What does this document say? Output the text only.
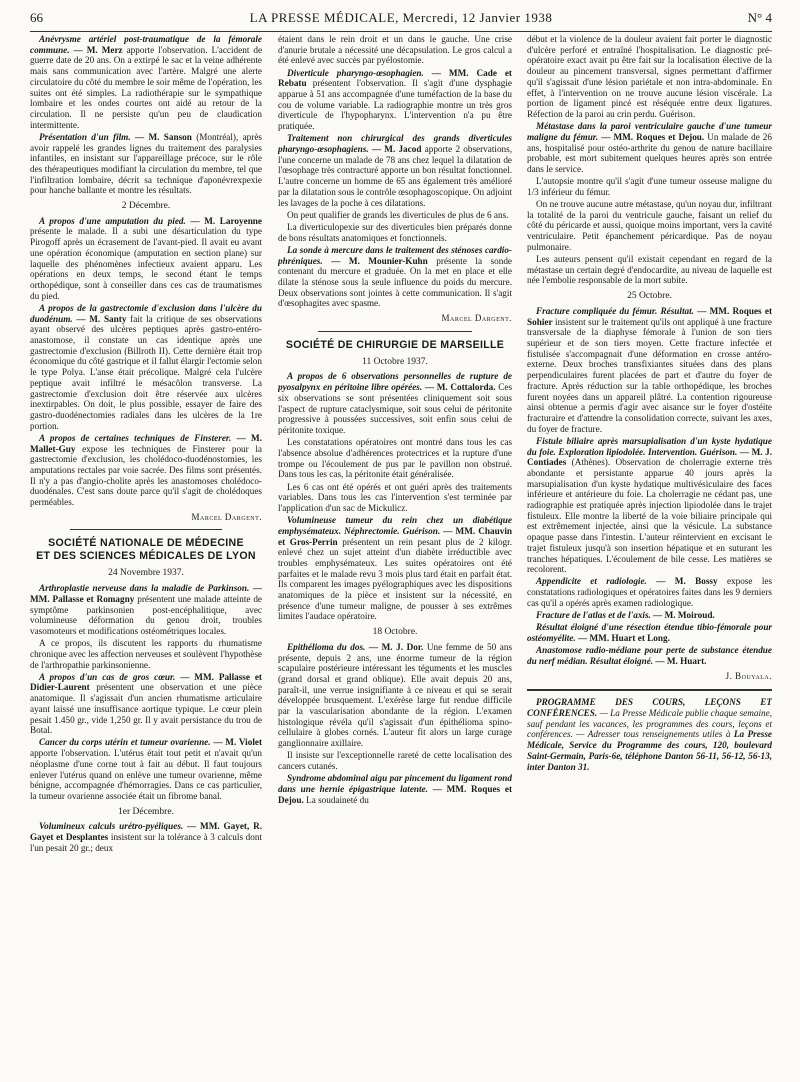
66	LA PRESSE MÉDICALE, Mercredi, 12 Janvier 1938	N° 4

Anévrysme artériel post-traumatique de la fémorale commune. — M. Merz apporte l'observation. L'accident de guerre date de 20 ans. On a extirpé le sac et la veine adhérente mais sans communication avec l'artère. Malgré une alerte circulatoire du côté du membre le soir même de l'opération, les suites ont été simples. La radiothérapie sur le sympathique lombaire et les ondes courtes ont aidé au retour de la circulation. Il ne persiste qu'un peu de claudication intermittente.

Présentation d'un film. — M. Sanson (Montréal), après avoir rappelé les grandes lignes du traitement des paralysies infantiles, en insistant sur l'appareillage précoce, sur le rôle des thérapeutiques modifiant la circulation du membre, tel que l'infiltration lombaire, décrit sa technique d'aponévrexpexie pour hanche ballante et montre les résultats.

2 Décembre.

A propos d'une amputation du pied. — M. Laroyenne présente le malade. Il a subi une désarticulation du type Pirogoff après un écrasement de l'avant-pied. Il avait eu avant une opération économique (amputation en section plane) sur laquelle des phénomènes infectieux avaient apparu. Les opérations en deux temps, le second étant le temps orthopédique, sont à conseiller dans ces cas de traumatismes du pied.

A propos de la gastrectomie d'exclusion dans l'ulcère du duodénum. — M. Santy fait la critique de ses observations ayant observé des ulcères peptiques après gastro-entéro-anastomose, il constate un cas identique après une gastrectomie d'exclusion (Billroth II). Cette dernière était trop économique du côté gastrique et il fallut élargir l'ectomie selon le type Polya. L'anse était précolique. Malgré cela l'ulcère peptique avait infiltré le mésacôlon transverse. La gastrectomie d'exclusion doit être réservée aux ulcères inextirpables. On doit, le plus possible, essayer de faire des gastro-duodénectomies radiales dans les ulcères de la 1re portion.

A propos de certaines techniques de Finsterer. — M. Mallet-Guy expose les techniques de Finsterer pour la gastrectomie d'exclusion, les cholédoco-duodénostomies, les amputations rectales par voie sacrée. Des films sont présentés. Il n'y a pas d'angio-cholite après les anastomoses cholédoco-duodénales. C'est sans doute parce qu'il s'agit de cholédoques perméables.

Marcel Dargent.
SOCIÉTÉ NATIONALE DE MÉDECINE
ET DES SCIENCES MÉDICALES DE LYON
24 Novembre 1937.

Arthroplastie nerveuse dans la maladie de Parkinson. — MM. Pallasse et Romagny présentent une malade atteinte de symptôme parkinsonien post-encéphalitique, avec volumineuse déformation du genou droit, troubles vasomoteurs et modifications ostéométriques locales.

A ce propos, ils discutent les rapports du rhumatisme chronique avec les affection nerveuses et soulèvent l'hypothèse de l'arthropathie parkinsonienne.

A propos d'un cas de gros cœur. — MM. Pallasse et Didier-Laurent présentent une observation et une pièce anatomique. Il s'agissait d'un ancien rhumatisme articulaire ayant laissé une insuffisance aortique typique. Le cœur plein pesait 1.450 gr., vide 1,250 gr. Il y avait persistance du trou de Botal.

Cancer du corps utérin et tumeur ovarienne. — M. Violet apporte l'observation. L'utérus était tout petit et n'avait qu'un néoplasme d'une corne tout à fait au début. Il faut toujours enlever l'utérus quand on enlève une tumeur ovarienne, même bénigne, accompagnée d'hémorragies. Dans ce cas particulier, la tumeur ovarienne associée était un fibrome banal.

1er Décembre.

Volumineux calculs urétro-pyéliques. — MM. Gayet, R. Gayet et Desplantes insistent sur la tolérance à 3 calculs dont l'un pesait 20 gr.; deux

étaient dans le rein droit et un dans le gauche. Une crise d'anurie brutale a nécessité une décapsulation. Le gros calcul a été enlevé avec succès par pyélostomie.

Diverticule pharyngo-œsophagien. — MM. Cade et Rebatu présentent l'observation. Il s'agit d'une dysphagie apparue à 51 ans accompagnée d'une tuméfaction de la base du cou de volume variable. La radiographie montre un très gros diverticule de l'hypopharynx. L'intervention n'a pu être pratiquée.

Traitement non chirurgical des grands diverticules pharyngo-œsophagiens. — M. Jacod apporte 2 observations, l'une concerne un malade de 78 ans chez lequel la dilatation de l'œsophage très contracturé apporte un bon résultat fonctionnel. L'autre concerne un homme de 65 ans également très amélioré par la dilatation sous le contrôle œsophagoscopique. On adjoint les lavages de la poche à ces dilatations.

On peut qualifier de grands les diverticules de plus de 6 ans.

La diverticulopexie sur des diverticules bien préparés donne de bons résultats anatomiques et fonctionnels.

La sonde à mercure dans le traitement des sténoses cardio-phréniques. — M. Mounier-Kuhn présente la sonde contenant du mercure et graduée. On la met en place et elle dilate la sténose sous la seule influence du poids du mercure. Deux observations sont jointes à cette communication. Il s'agit d'œsophagites avec spasme.

Marcel Dargent.
SOCIÉTÉ DE CHIRURGIE DE MARSEILLE
11 Octobre 1937.

A propos de 6 observations personnelles de rupture de pyosalpynx en péritoine libre opérées. — M. Cottalorda. Ces six observations se sont présentées cliniquement soit sous l'aspect de rupture cataclysmique, soit sous celui de péritonite progressive à poussées successives, soit enfin sous celui de péritonite toxique.

Les constatations opératoires ont montré dans tous les cas l'absence absolue d'adhérences protectrices et la rupture d'une trompe ou l'écoulement de pus par le pavillon non obstrué. Dans tous les cas, la péritonite était généralisée.

Les 6 cas ont été opérés et ont guéri après des traitements variables. Dans tous les cas l'intervention s'est terminée par l'application d'un sac de Mickulicz.

Volumineuse tumeur du rein chez un diabétique emphysémateux. Néphrectomie. Guérison. — MM. Chauvin et Gros-Perrin présentent un rein pesant plus de 2 kilogr. enlevé chez un sujet atteint d'un diabète irréductible avec troubles emphysémateux. Les suites opératoires ont été parfaites et le malade revu 3 mois plus tard était en parfait état. Ils comparent les images pyélographiques avec les dispositions anatomiques de la pièce et insistent sur la nécessité, en présence d'une tumeur maligne, de pousser à ses extrêmes limites l'audace opératoire.

18 Octobre.

Epithélioma du dos. — M. J. Dor. Une femme de 50 ans présente, depuis 2 ans, une énorme tumeur de la région scapulaire postérieure intéressant les téguments et les muscles (grand dorsal et grand oblique). Elle avait depuis 20 ans, paraît-il, une verrue insignifiante à ce niveau et qui se serait développée brusquement. L'exérèse large fut rendue difficile par la vascularisation abondante de la région. L'examen histologique révéla qu'il s'agissait d'un épithélioma spino-cellulaire à globes cornés. L'auteur fit alors un large curage ganglionnaire axillaire.

Il insiste sur l'exceptionnelle rareté de cette localisation des cancers cutanés.

Syndrome abdominal aigu par pincement du ligament rond dans une hernie épigastrique latente. — MM. Roques et Dejou. La soudaineté du

début et la violence de la douleur avaient fait porter le diagnostic d'ulcère perforé et entraîné l'hospitalisation. Le diagnostic pré-opératoire exact avait pu être fait sur la localisation élective de la douleur au pincement transversal, signes permettant d'affirmer qu'il s'agissait d'une lésion pariétale et non intra-abdominale. En effet, à l'intervention on ne trouve aucune lésion viscérale. La portion de ligament pincé est réséquée entre deux ligatures. Réfection de la paroi au crin perdu. Guérison.

Métastase dans la paroi ventriculaire gauche d'une tumeur maligne du fémur. — MM. Roques et Dejou. Un malade de 26 ans, hospitalisé pour ostéo-arthrite du genou de nature bacillaire probable, est mort subitement quelques heures après son entrée dans le service.

L'autopsie montre qu'il s'agit d'une tumeur osseuse maligne du 1/3 inférieur du fémur.

On ne trouve aucune autre métastase, qu'un noyau dur, infiltrant la totalité de la paroi du ventricule gauche, faisant un relief du côté du péricarde et aussi, quoique moins important, vers la cavité ventriculaire. Petit épanchement péricardique. Pas de noyau pulmonaire.

Les auteurs pensent qu'il existait cependant en regard de la métastase un certain degré d'endocardite, au niveau de laquelle est née l'embolie responsable de la mort subite.

25 Octobre.

Fracture compliquée du fémur. Résultat. — MM. Roques et Sohier insistent sur le traitement qu'ils ont appliqué à une fracture transversale de la diaphyse fémorale à l'union de son tiers supérieur et de son tiers moyen. Cette fracture infectée et fistulisée s'accompagnait d'une déformation en crosse antéro-externe. Deux broches transfixiantes situées dans des plans perpendiculaires furent placées de part et d'autre du foyer de fracture. Après réduction sur la table orthopédique, les broches furent noyées dans un appareil plâtré. La contention rigoureuse ainsi obtenue a permis d'agir avec aisance sur le foyer d'ostéite fracturaire et d'attendre la consolidation correcte, suivant les axes, du foyer de fracture.

Fistule biliaire après marsupialisation d'un kyste hydatique du foie. Exploration lipiodolée. Intervention. Guérison. — M. J. Contiades (Athènes). Observation de cholerragie externe très abondante et persistante apparue 40 jours après la marsupialisation d'un kyste hydatique multivésiculaire des faces inférieure et antérieure du foie. La cholerragie ne cédant pas, une radiographie est pratiquée après injection lipiodolée dans le trajet fistuleux. Elle montre la liberté de la voie biliaire principale qui est extrêmement injectée, ainsi que la vésicule. La substance opaque passe dans l'intestin. L'auteur réintervient en excisant le trajet fistuleux jusqu'à son insertion hépatique et en suturant les tranches hépatiques. L'écoulement de bile cesse. Les matières se recolorent.

Appendicite et radiologie. — M. Bossy expose les constatations radiologiques et opératoires faites dans les 9 derniers cas qu'il a opérés après examen radiologique.

Fracture de l'atlas et de l'axis. — M. Moiroud.

Résultat éloigné d'une résection étendue tibio-fémorale pour ostéomyélite. — MM. Huart et Long.

Anastomose radio-médiane pour perte de substance étendue du nerf médian. Résultat éloigné. — M. Huart.

J. Bouyala.

PROGRAMME DES COURS, LEÇONS ET CONFÉRENCES. — La Presse Médicale publie chaque semaine, sauf pendant les vacances, les programmes des cours, leçons et conférences. — Adresser tous renseignements utiles à La Presse Médicale, Service du Programme des cours, 120, boulevard Saint-Germain, Paris-6e, téléphone Danton 56-11, 56-12, 56-13, inter Danton 31.
